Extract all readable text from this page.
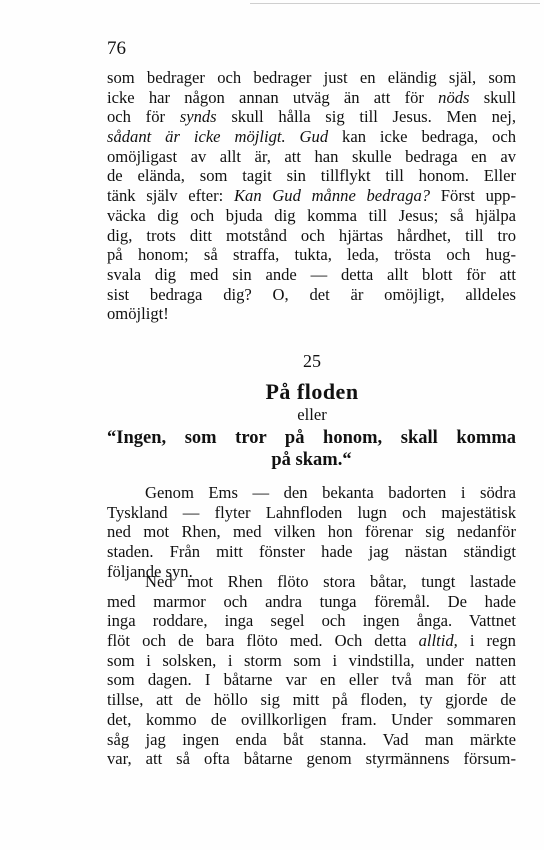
76
som bedrager och bedrager just en eländig själ, som
icke har någon annan utväg än att för nöds skull
och för synds skull hålla sig till Jesus. Men nej,
sådant är icke möjligt. Gud kan icke bedraga, och
omöjligast av allt är, att han skulle bedraga en av
de elända, som tagit sin tillflykt till honom. Eller
tänk själv efter: Kan Gud månne bedraga? Först upp-
väcka dig och bjuda dig komma till Jesus; så hjälpa
dig, trots ditt motstånd och hjärtas hårdhet, till tro
på honom; så straffa, tukta, leda, trösta och hug-
svala dig med sin ande — detta allt blott för att
sist bedraga dig? O, det är omöjligt, alldeles
omöjligt!
25
På floden
eller
“Ingen, som tror på honom, skall komma
på skam.“
Genom Ems — den bekanta badorten i södra
Tyskland — flyter Lahnfloden lugn och majestätisk
ned mot Rhen, med vilken hon förenar sig nedanför
staden. Från mitt fönster hade jag nästan ständigt
följande syn.
Ned mot Rhen flöto stora båtar, tungt lastade
med marmor och andra tunga föremål. De hade
inga roddare, inga segel och ingen ånga. Vattnet
flöt och de bara flöto med. Och detta alltid, i regn
som i solsken, i storm som i vindstilla, under natten
som dagen. I båtarne var en eller två man för att
tillse, att de höllo sig mitt på floden, ty gjorde de
det, kommo de ovillkorligen fram. Under sommaren
såg jag ingen enda båt stanna. Vad man märkte
var, att så ofta båtarne genom styrmännens försum-
